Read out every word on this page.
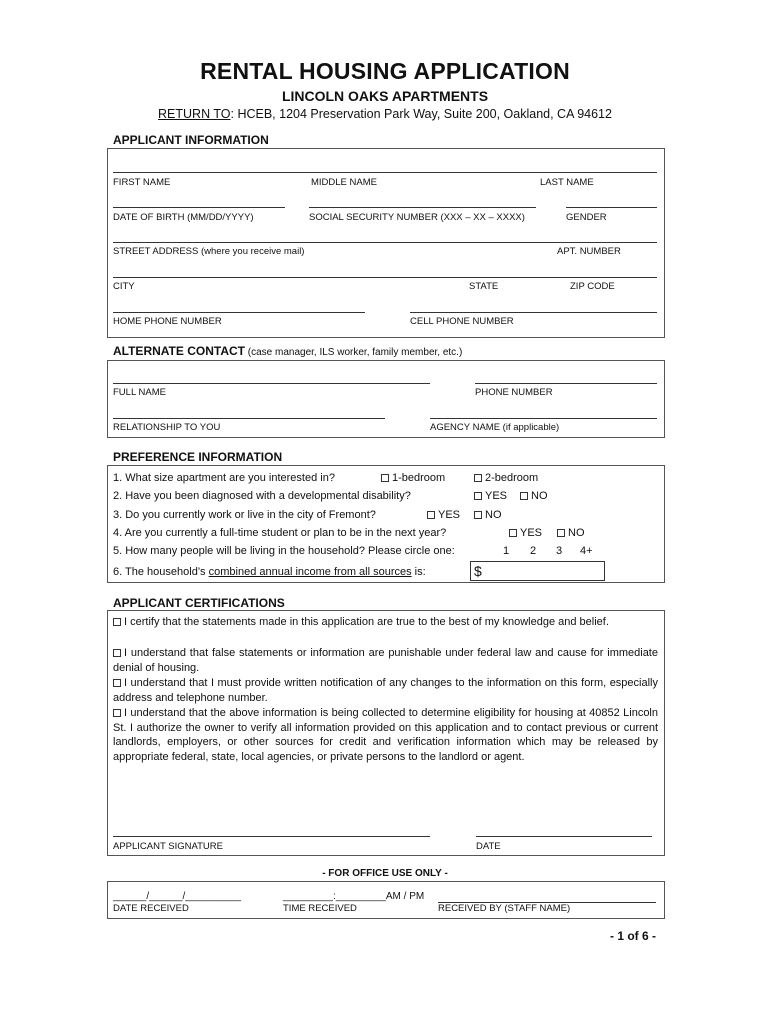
RENTAL HOUSING APPLICATION
LINCOLN OAKS APARTMENTS
RETURN TO: HCEB, 1204 Preservation Park Way, Suite 200, Oakland, CA 94612
APPLICANT INFORMATION
FIRST NAME	MIDDLE NAME	LAST NAME
DATE OF BIRTH (MM/DD/YYYY)	SOCIAL SECURITY NUMBER (XXX – XX – XXXX)	GENDER
STREET ADDRESS (where you receive mail)	APT. NUMBER
CITY	STATE	ZIP CODE
HOME PHONE NUMBER	CELL PHONE NUMBER
ALTERNATE CONTACT (case manager, ILS worker, family member, etc.)
FULL NAME	PHONE NUMBER
RELATIONSHIP TO YOU	AGENCY NAME (if applicable)
PREFERENCE INFORMATION
1. What size apartment are you interested in?	1-bedroom	2-bedroom
2. Have you been diagnosed with a developmental disability?	YES	NO
3. Do you currently work or live in the city of Fremont?	YES	NO
4. Are you currently a full-time student or plan to be in the next year?	YES	NO
5. How many people will be living in the household? Please circle one:	1 2 3 4+
6. The household’s combined annual income from all sources is:	$
APPLICANT CERTIFICATIONS
I certify that the statements made in this application are true to the best of my knowledge and belief.
I understand that false statements or information are punishable under federal law and cause for immediate denial of housing.
I understand that I must provide written notification of any changes to the information on this form, especially address and telephone number.
I understand that the above information is being collected to determine eligibility for housing at 40852 Lincoln St. I authorize the owner to verify all information provided on this application and to contact previous or current landlords, employers, or other sources for credit and verification information which may be released by appropriate federal, state, local agencies, or private persons to the landlord or agent.
APPLICANT SIGNATURE	DATE
- FOR OFFICE USE ONLY -
______/______/__________	_________:_________AM / PM
DATE RECEIVED	TIME RECEIVED	RECEIVED BY (STAFF NAME)
- 1 of 6 -
